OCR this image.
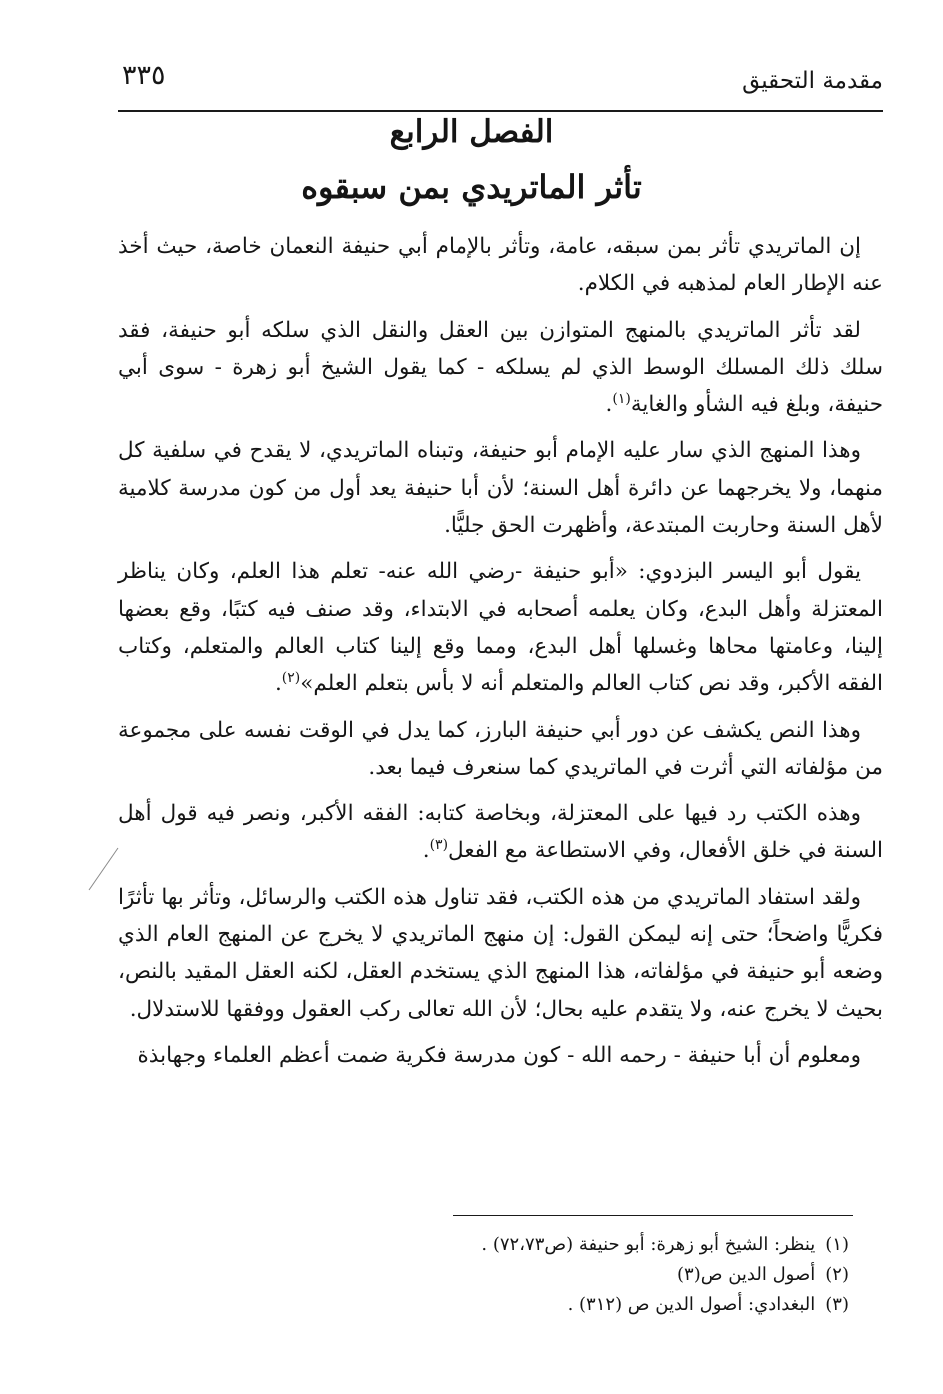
مقدمة التحقيق
٣٣٥
الفصل الرابع
تأثر الماتريدي بمن سبقوه

إن الماتريدي تأثر بمن سبقه، عامة، وتأثر بالإمام أبي حنيفة النعمان خاصة، حيث أخذ عنه الإطار العام لمذهبه في الكلام.

لقد تأثر الماتريدي بالمنهج المتوازن بين العقل والنقل الذي سلكه أبو حنيفة، فقد سلك ذلك المسلك الوسط الذي لم يسلكه - كما يقول الشيخ أبو زهرة - سوى أبي حنيفة، وبلغ فيه الشأو والغاية$^{(١)}$.

وهذا المنهج الذي سار عليه الإمام أبو حنيفة، وتبناه الماتريدي، لا يقدح في سلفية كل منهما، ولا يخرجهما عن دائرة أهل السنة؛ لأن أبا حنيفة يعد أول من كون مدرسة كلامية لأهل السنة وحاربت المبتدعة، وأظهرت الحق جليًّا.

يقول أبو اليسر البزدوي: «أبو حنيفة -رضي الله عنه- تعلم هذا العلم، وكان يناظر المعتزلة وأهل البدع، وكان يعلمه أصحابه في الابتداء، وقد صنف فيه كتبًا، وقع بعضها إلينا، وعامتها محاها وغسلها أهل البدع، ومما وقع إلينا كتاب العالم والمتعلم، وكتاب الفقه الأكبر، وقد نص كتاب العالم والمتعلم أنه لا بأس بتعلم العلم»$^{(٢)}$.

وهذا النص يكشف عن دور أبي حنيفة البارز، كما يدل في الوقت نفسه على مجموعة من مؤلفاته التي أثرت في الماتريدي كما سنعرف فيما بعد.

وهذه الكتب رد فيها على المعتزلة، وبخاصة كتابه: الفقه الأكبر، ونصر فيه قول أهل السنة في خلق الأفعال، وفي الاستطاعة مع الفعل$^{(٣)}$.

ولقد استفاد الماتريدي من هذه الكتب، فقد تناول هذه الكتب والرسائل، وتأثر بها تأثرًا فكريًّا واضحاً؛ حتى إنه ليمكن القول: إن منهج الماتريدي لا يخرج عن المنهج العام الذي وضعه أبو حنيفة في مؤلفاته، هذا المنهج الذي يستخدم العقل، لكنه العقل المقيد بالنص، بحيث لا يخرج عنه، ولا يتقدم عليه بحال؛ لأن الله تعالى ركب العقول ووفقها للاستدلال.

ومعلوم أن أبا حنيفة - رحمه الله - كون مدرسة فكرية ضمت أعظم العلماء وجهابذة

(١)ينظر: الشيخ أبو زهرة: أبو حنيفة (ص٧٢،٧٣) .
(٢)أصول الدين ص(٣)
(٣)البغدادي: أصول الدين ص (٣١٢) .
